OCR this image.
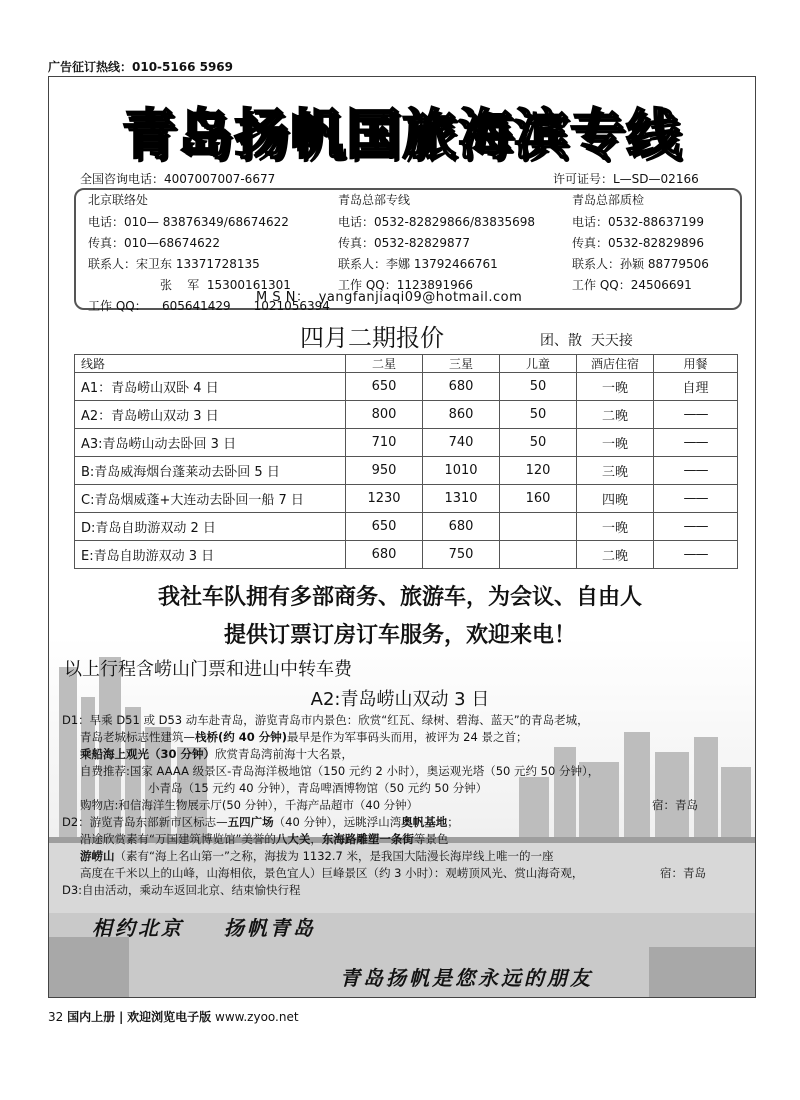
广告征订热线：010-5166 5969
青岛扬帆国旅海滨专线
全国咨询电话：4007007007-6677	许可证号：L—SD—02166
北京联络处
电话：010— 83876349/68674622
传真：010—68674622
联系人：宋卫东 13371728135
张    军  15300161301
工作 QQ：    605641429      1021056394
青岛总部专线
电话：0532-82829866/83835698
传真：0532-82829877
联系人：李娜 13792466761
工作 QQ：1123891966
青岛总部质检
电话：0532-88637199
传真：0532-82829896
联系人：孙颖 88779506
工作 QQ：24506691
M S N：  yangfanjiaqi09@hotmail.com
四月二期报价	团、散  天天接
线路	二星	三星	儿童	酒店住宿	用餐
A1：青岛崂山双卧 4 日	650	680	50	一晚	自理
A2：青岛崂山双动 3 日	800	860	50	二晚	——
A3:青岛崂山动去卧回 3 日	710	740	50	一晚	——
B:青岛威海烟台蓬莱动去卧回 5 日	950	1010	120	三晚	——
C:青岛烟威蓬+大连动去卧回一船 7 日	1230	1310	160	四晚	——
D:青岛自助游双动 2 日	650	680		一晚	——
E:青岛自助游双动 3 日	680	750		二晚	——
我社车队拥有多部商务、旅游车，为会议、自由人
提供订票订房订车服务，欢迎来电！
以上行程含崂山门票和进山中转车费
A2:青岛崂山双动 3 日
D1：早乘 D51 或 D53 动车赴青岛，游览青岛市内景色：欣赏“红瓦、绿树、碧海、蓝天”的青岛老城，
青岛老城标志性建筑—栈桥(约 40 分钟)最早是作为军事码头而用，被评为 24 景之首；
乘船海上观光（30 分钟）欣赏青岛湾前海十大名景，
自费推荐:国家 AAAA 级景区-青岛海洋极地馆（150 元约 2 小时），奥运观光塔（50 元约 50 分钟），
小青岛（15 元约 40 分钟），青岛啤酒博物馆（50 元约 50 分钟）
购物店:和信海洋生物展示厅(50 分钟），千海产品超市（40 分钟）	宿：青岛
D2：游览青岛东部新市区标志—五四广场（40 分钟），远眺浮山湾奥帆基地；
沿途欣赏素有“万国建筑博览馆”美誉的八大关，东海路雕塑一条街等景色
游崂山（素有“海上名山第一”之称，海拔为 1132.7 米，是我国大陆漫长海岸线上唯一的一座
高度在千米以上的山峰，山海相依，景色宜人）巨峰景区（约 3 小时）：观崂顶风光、赏山海奇观，	宿：青岛
D3:自由活动，乘动车返回北京、结束愉快行程
相约北京    扬帆青岛
青岛扬帆是您永远的朋友
32 国内上册 | 欢迎浏览电子版 www.zyoo.net
